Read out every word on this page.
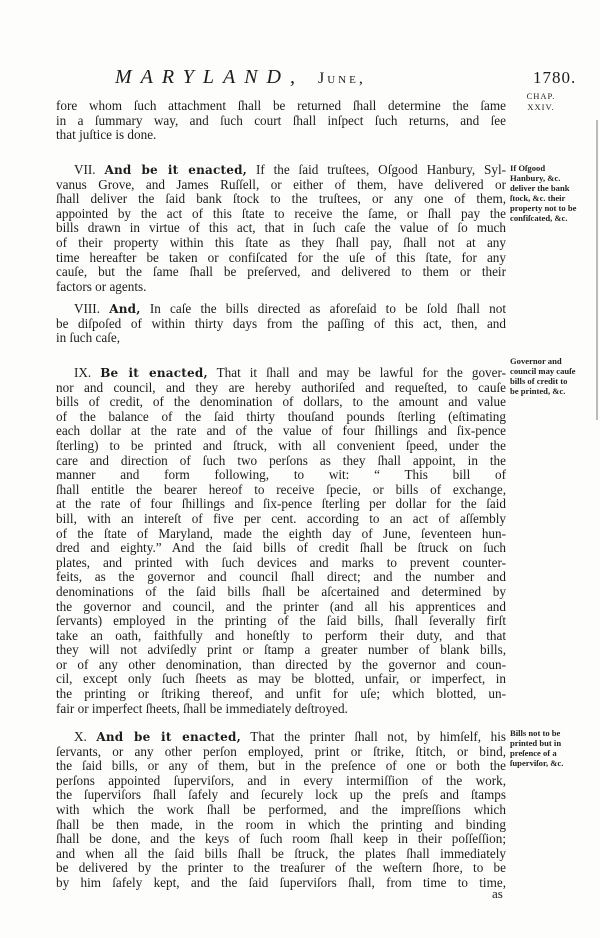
MARYLAND, June,	1780.
CHAP.
XXIV.
fore whom ſuch attachment ſhall be returned ſhall determine the ſame
in a ſummary way, and ſuch court ſhall inſpect ſuch returns, and ſee
that juſtice is done.
VII. And be it enacted, If the ſaid truſtees, Oſgood Hanbury, Syl-
vanus Grove, and James Ruſſell, or either of them, have delivered or
ſhall deliver the ſaid bank ſtock to the truſtees, or any one of them,
appointed by the act of this ſtate to receive the ſame, or ſhall pay the
bills drawn in virtue of this act, that in ſuch caſe the value of ſo much
of their property within this ſtate as they ſhall pay, ſhall not at any
time hereafter be taken or confiſcated for the uſe of this ſtate, for any
cauſe, but the ſame ſhall be preſerved, and delivered to them or their
factors or agents.
VIII. And, In caſe the bills directed as aforeſaid to be ſold ſhall not
be diſpoſed of within thirty days from the paſſing of this act, then, and
in ſuch caſe,
IX. Be it enacted, That it ſhall and may be lawful for the gover-
nor and council, and they are hereby authoriſed and requeſted, to cauſe
bills of credit, of the denomination of dollars, to the amount and value
of the balance of the ſaid thirty thouſand pounds ſterling (eſtimating
each dollar at the rate and of the value of four ſhillings and ſix-pence
ſterling) to be printed and ſtruck, with all convenient ſpeed, under the
care and direction of ſuch two perſons as they ſhall appoint, in the
manner and form following, to wit: “ This bill of
ſhall entitle the bearer hereof to receive ſpecie, or bills of exchange,
at the rate of four ſhillings and ſix-pence ſterling per dollar for the ſaid
bill, with an intereſt of five per cent. according to an act of aſſembly
of the ſtate of Maryland, made the eighth day of June, ſeventeen hun-
dred and eighty.” And the ſaid bills of credit ſhall be ſtruck on ſuch
plates, and printed with ſuch devices and marks to prevent counter-
feits, as the governor and council ſhall direct; and the number and
denominations of the ſaid bills ſhall be aſcertained and determined by
the governor and council, and the printer (and all his apprentices and
ſervants) employed in the printing of the ſaid bills, ſhall ſeverally firſt
take an oath, faithfully and honeſtly to perform their duty, and that
they will not adviſedly print or ſtamp a greater number of blank bills,
or of any other denomination, than directed by the governor and coun-
cil, except only ſuch ſheets as may be blotted, unfair, or imperfect, in
the printing or ſtriking thereof, and unfit for uſe; which blotted, un-
fair or imperfect ſheets, ſhall be immediately deſtroyed.
X. And be it enacted, That the printer ſhall not, by himſelf, his
ſervants, or any other perſon employed, print or ſtrike, ſtitch, or bind,
the ſaid bills, or any of them, but in the preſence of one or both the
perſons appointed ſuperviſors, and in every intermiſſion of the work,
the ſuperviſors ſhall ſafely and ſecurely lock up the preſs and ſtamps
with which the work ſhall be performed, and the impreſſions which
ſhall be then made, in the room in which the printing and binding
ſhall be done, and the keys of ſuch room ſhall keep in their poſſeſſion;
and when all the ſaid bills ſhall be ſtruck, the plates ſhall immediately
be delivered by the printer to the treaſurer of the weſtern ſhore, to be
by him ſafely kept, and the ſaid ſuperviſors ſhall, from time to time,
If Oſgood Hanbury, &c. deliver the bank ſtock, &c. their property not to be confiſcated, &c.
Governor and council may cauſe bills of credit to be printed, &c.
Bills not to be printed but in preſence of a ſuperviſor, &c.
as
